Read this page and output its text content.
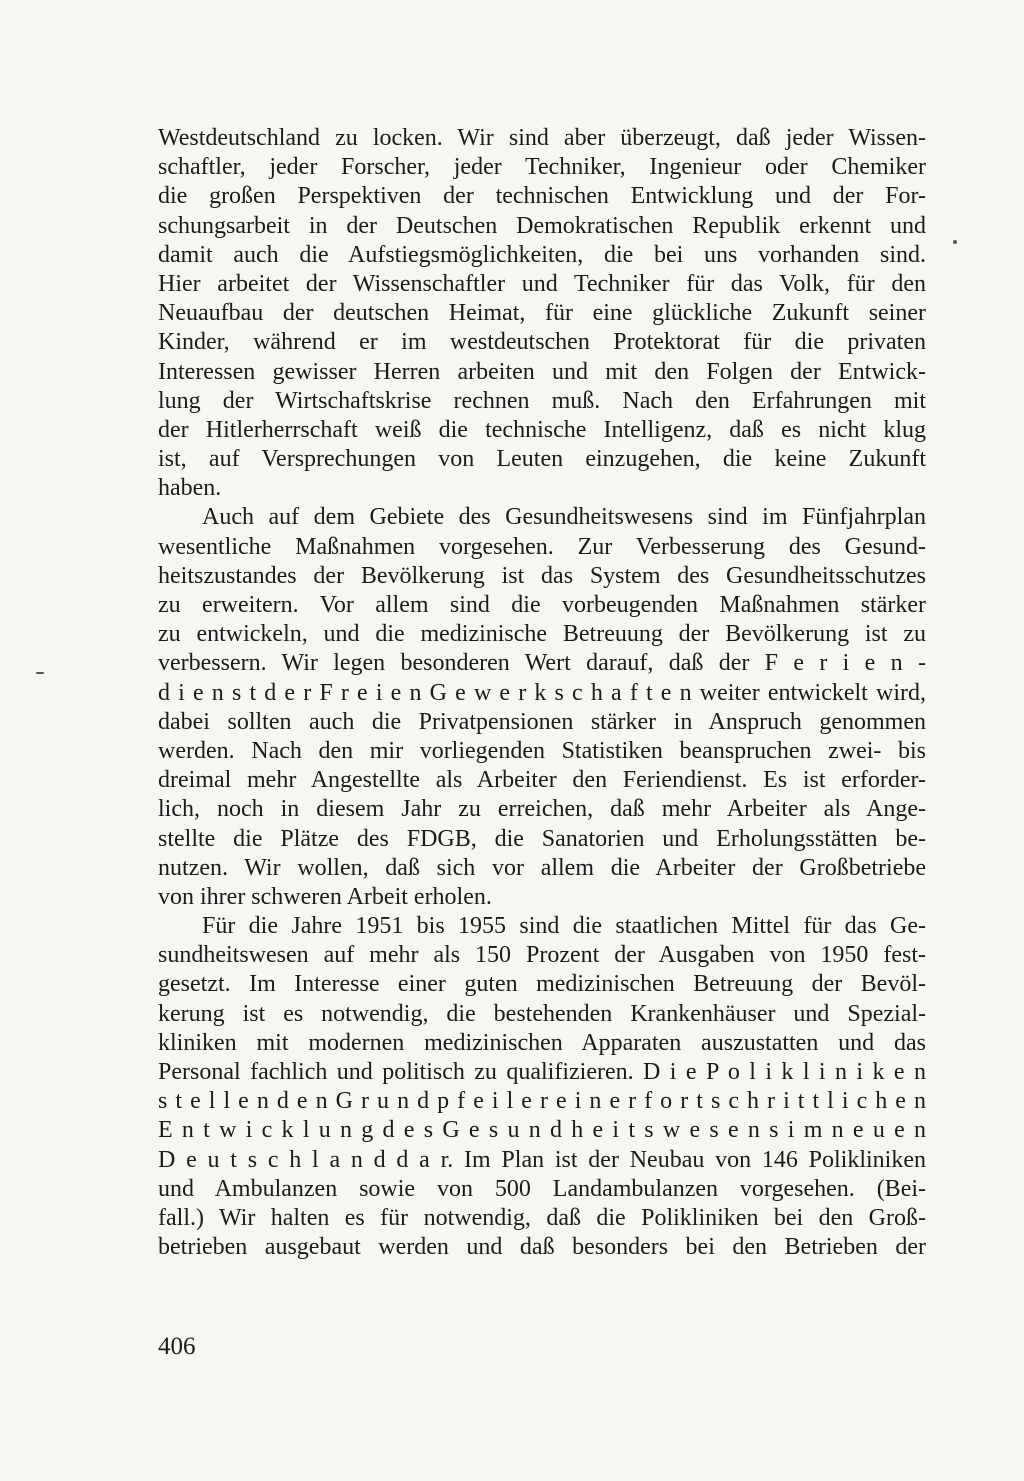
Westdeutschland zu locken. Wir sind aber überzeugt, daß jeder Wissen-
schaftler, jeder Forscher, jeder Techniker, Ingenieur oder Chemiker
die großen Perspektiven der technischen Entwicklung und der For-
schungsarbeit in der Deutschen Demokratischen Republik erkennt und
damit auch die Aufstiegsmöglichkeiten, die bei uns vorhanden sind.
Hier arbeitet der Wissenschaftler und Techniker für das Volk, für den
Neuaufbau der deutschen Heimat, für eine glückliche Zukunft seiner
Kinder, während er im westdeutschen Protektorat für die privaten
Interessen gewisser Herren arbeiten und mit den Folgen der Entwick-
lung der Wirtschaftskrise rechnen muß. Nach den Erfahrungen mit
der Hitlerherrschaft weiß die technische Intelligenz, daß es nicht klug
ist, auf Versprechungen von Leuten einzugehen, die keine Zukunft
haben.
Auch auf dem Gebiete des Gesundheitswesens sind im Fünfjahrplan
wesentliche Maßnahmen vorgesehen. Zur Verbesserung des Gesund-
heitszustandes der Bevölkerung ist das System des Gesundheitsschutzes
zu erweitern. Vor allem sind die vorbeugenden Maßnahmen stärker
zu entwickeln, und die medizinische Betreuung der Bevölkerung ist zu
verbessern. Wir legen besonderen Wert darauf, daß der F e r i e n -
d i e n s t d e r F r e i e n G e w e r k s c h a f t e n weiter entwickelt wird,
dabei sollten auch die Privatpensionen stärker in Anspruch genommen
werden. Nach den mir vorliegenden Statistiken beanspruchen zwei- bis
dreimal mehr Angestellte als Arbeiter den Feriendienst. Es ist erforder-
lich, noch in diesem Jahr zu erreichen, daß mehr Arbeiter als Ange-
stellte die Plätze des FDGB, die Sanatorien und Erholungsstätten be-
nutzen. Wir wollen, daß sich vor allem die Arbeiter der Großbetriebe
von ihrer schweren Arbeit erholen.
Für die Jahre 1951 bis 1955 sind die staatlichen Mittel für das Ge-
sundheitswesen auf mehr als 150 Prozent der Ausgaben von 1950 fest-
gesetzt. Im Interesse einer guten medizinischen Betreuung der Bevöl-
kerung ist es notwendig, die bestehenden Krankenhäuser und Spezial-
kliniken mit modernen medizinischen Apparaten auszustatten und das
Personal fachlich und politisch zu qualifizieren. D i e P o l i k l i n i k e n
s t e l l e n d e n G r u n d p f e i l e r e i n e r f o r t s c h r i t t l i c h e n
E n t w i c k l u n g d e s G e s u n d h e i t s w e s e n s i m n e u e n
D e u t s c h l a n d d a r. Im Plan ist der Neubau von 146 Polikliniken
und Ambulanzen sowie von 500 Landambulanzen vorgesehen. (Bei-
fall.) Wir halten es für notwendig, daß die Polikliniken bei den Groß-
betrieben ausgebaut werden und daß besonders bei den Betrieben der
406
